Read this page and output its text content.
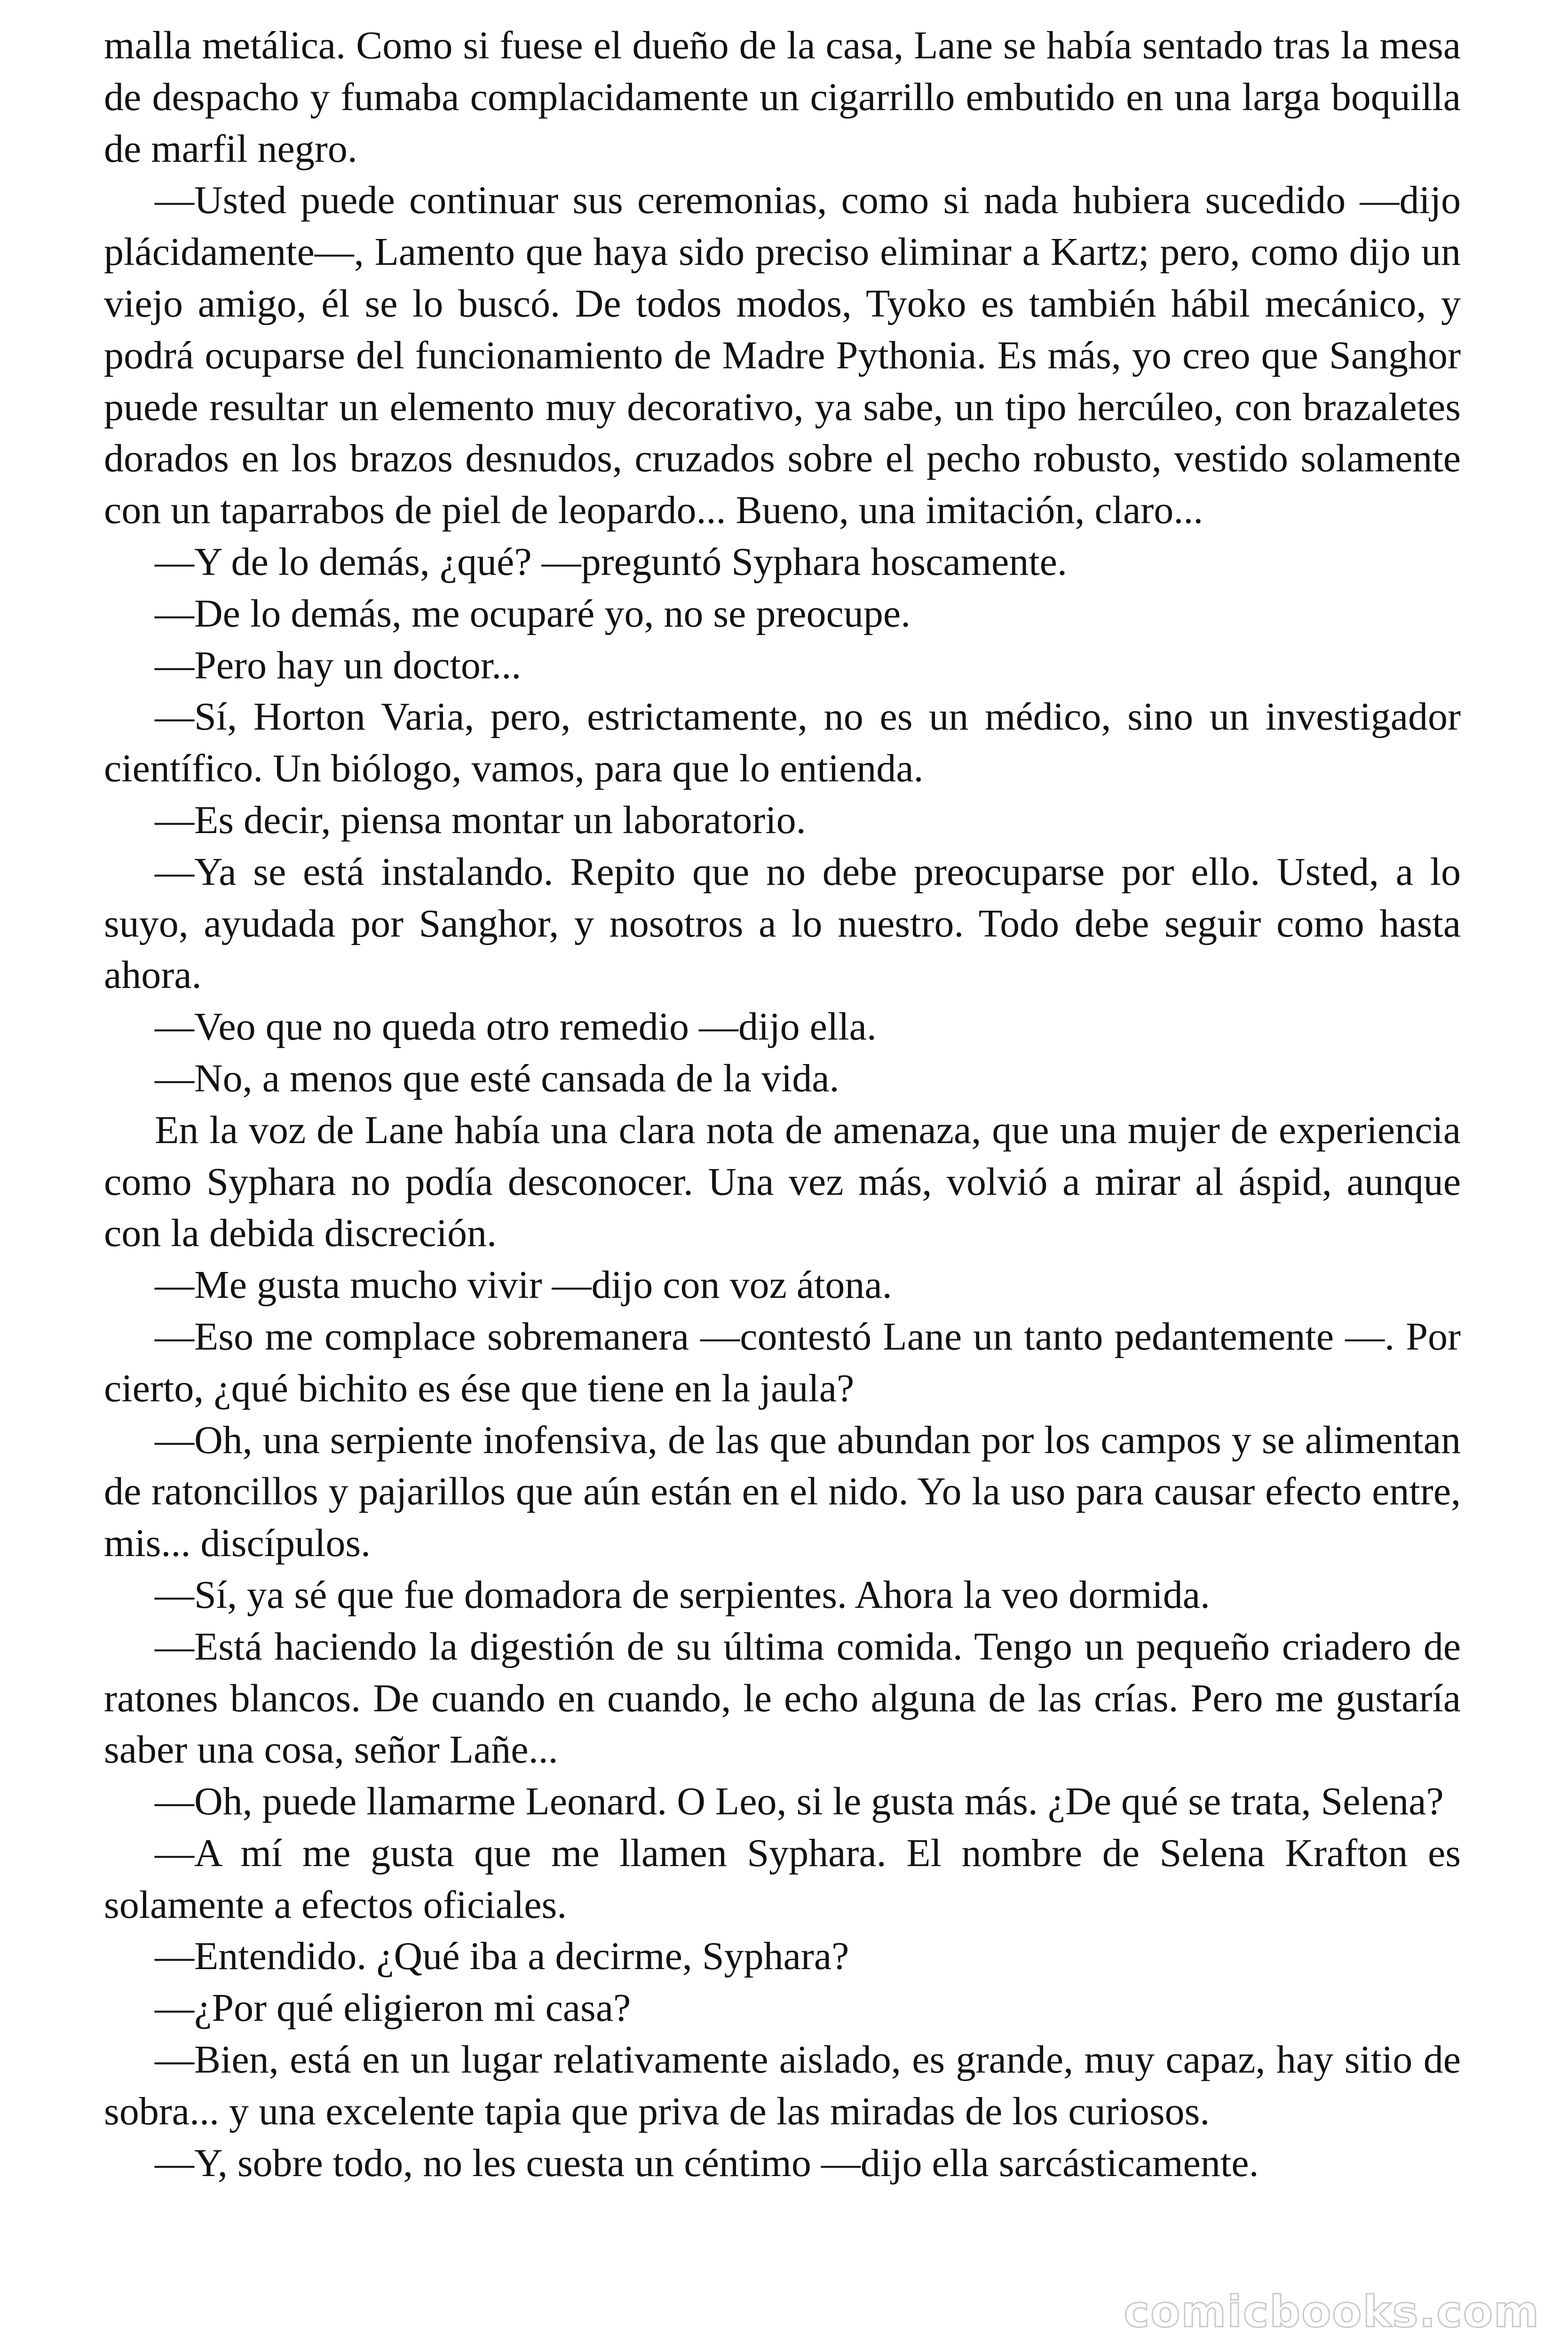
malla metálica. Como si fuese el dueño de la casa, Lane se había sentado tras la mesa de despacho y fumaba complacidamente un cigarrillo embutido en una larga boquilla de marfil negro.

—Usted puede continuar sus ceremonias, como si nada hubiera sucedido —dijo plácidamente—, Lamento que haya sido preciso eliminar a Kartz; pero, como dijo un viejo amigo, él se lo buscó. De todos modos, Tyoko es también hábil mecánico, y podrá ocuparse del funcionamiento de Madre Pythonia. Es más, yo creo que Sanghor puede resultar un elemento muy decorativo, ya sabe, un tipo hercúleo, con brazaletes dorados en los brazos desnudos, cruzados sobre el pecho robusto, vestido solamente con un taparrabos de piel de leopardo... Bueno, una imitación, claro...

—Y de lo demás, ¿qué? —preguntó Syphara hoscamente.

—De lo demás, me ocuparé yo, no se preocupe.

—Pero hay un doctor...

—Sí, Horton Varia, pero, estrictamente, no es un médico, sino un investigador científico. Un biólogo, vamos, para que lo entienda.

—Es decir, piensa montar un laboratorio.

—Ya se está instalando. Repito que no debe preocuparse por ello. Usted, a lo suyo, ayudada por Sanghor, y nosotros a lo nuestro. Todo debe seguir como hasta ahora.

—Veo que no queda otro remedio —dijo ella.

—No, a menos que esté cansada de la vida.

En la voz de Lane había una clara nota de amenaza, que una mujer de experiencia como Syphara no podía desconocer. Una vez más, volvió a mirar al áspid, aunque con la debida discreción.

—Me gusta mucho vivir —dijo con voz átona.

—Eso me complace sobremanera —contestó Lane un tanto pedantemente —. Por cierto, ¿qué bichito es ése que tiene en la jaula?

—Oh, una serpiente inofensiva, de las que abundan por los campos y se alimentan de ratoncillos y pajarillos que aún están en el nido. Yo la uso para causar efecto entre, mis... discípulos.

—Sí, ya sé que fue domadora de serpientes. Ahora la veo dormida.

—Está haciendo la digestión de su última comida. Tengo un pequeño criadero de ratones blancos. De cuando en cuando, le echo alguna de las crías. Pero me gustaría saber una cosa, señor Lañe...

—Oh, puede llamarme Leonard. O Leo, si le gusta más. ¿De qué se trata, Selena?

—A mí me gusta que me llamen Syphara. El nombre de Selena Krafton es solamente a efectos oficiales.

—Entendido. ¿Qué iba a decirme, Syphara?

—¿Por qué eligieron mi casa?

—Bien, está en un lugar relativamente aislado, es grande, muy capaz, hay sitio de sobra... y una excelente tapia que priva de las miradas de los curiosos.

—Y, sobre todo, no les cuesta un céntimo —dijo ella sarcásticamente.

comicbooks.com
